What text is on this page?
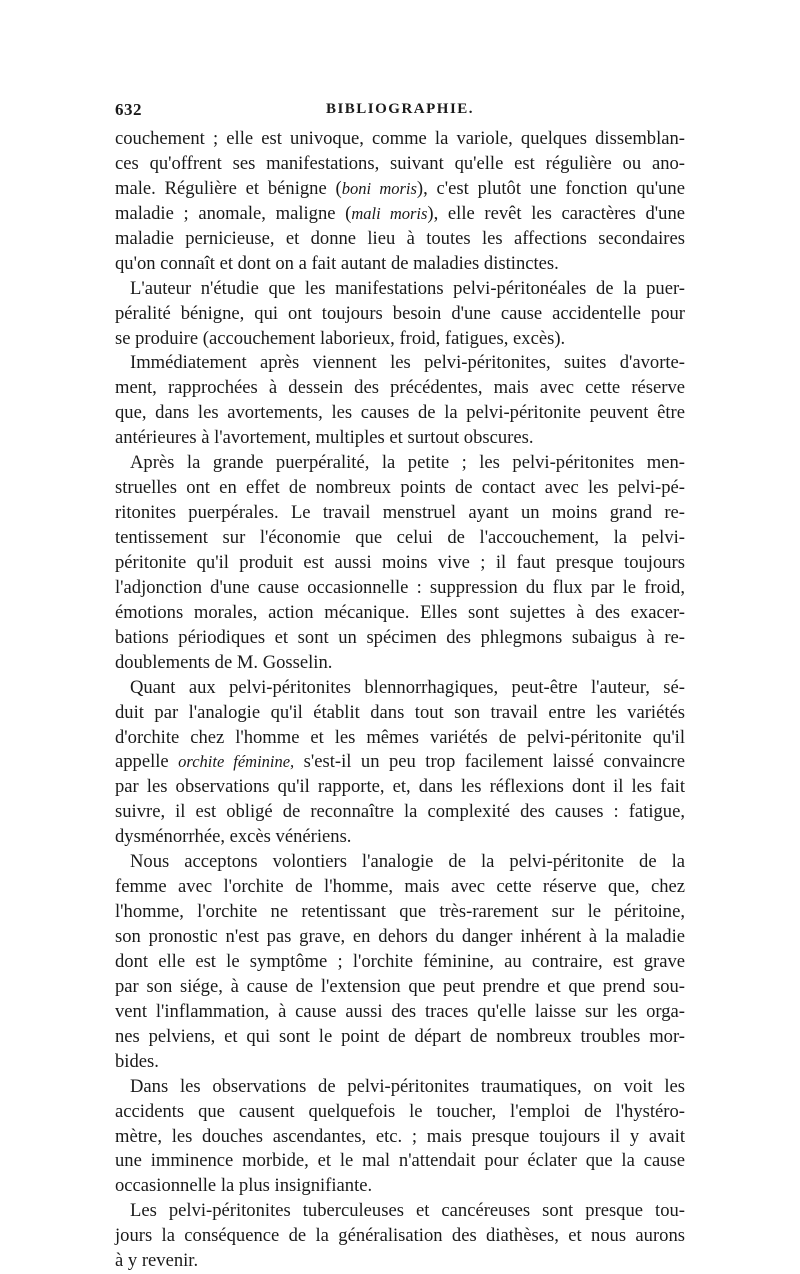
632	BIBLIOGRAPHIE.
couchement ; elle est univoque, comme la variole, quelques dissemblan-
ces qu'offrent ses manifestations, suivant qu'elle est régulière ou ano-
male. Régulière et bénigne (boni moris), c'est plutôt une fonction qu'une
maladie ; anomale, maligne (mali moris), elle revêt les caractères d'une
maladie pernicieuse, et donne lieu à toutes les affections secondaires
qu'on connaît et dont on a fait autant de maladies distinctes.
L'auteur n'étudie que les manifestations pelvi-péritonéales de la puer-
péralité bénigne, qui ont toujours besoin d'une cause accidentelle pour
se produire (accouchement laborieux, froid, fatigues, excès).
Immédiatement après viennent les pelvi-péritonites, suites d'avorte-
ment, rapprochées à dessein des précédentes, mais avec cette réserve
que, dans les avortements, les causes de la pelvi-péritonite peuvent être
antérieures à l'avortement, multiples et surtout obscures.
Après la grande puerpéralité, la petite ; les pelvi-péritonites men-
struelles ont en effet de nombreux points de contact avec les pelvi-pé-
ritonites puerpérales. Le travail menstruel ayant un moins grand re-
tentissement sur l'économie que celui de l'accouchement, la pelvi-
péritonite qu'il produit est aussi moins vive ; il faut presque toujours
l'adjonction d'une cause occasionnelle : suppression du flux par le froid,
émotions morales, action mécanique. Elles sont sujettes à des exacer-
bations périodiques et sont un spécimen des phlegmons subaigus à re-
doublements de M. Gosselin.
Quant aux pelvi-péritonites blennorrhagiques, peut-être l'auteur, sé-
duit par l'analogie qu'il établit dans tout son travail entre les variétés
d'orchite chez l'homme et les mêmes variétés de pelvi-péritonite qu'il
appelle orchite féminine, s'est-il un peu trop facilement laissé convaincre
par les observations qu'il rapporte, et, dans les réflexions dont il les fait
suivre, il est obligé de reconnaître la complexité des causes : fatigue,
dysménorrhée, excès vénériens.
Nous acceptons volontiers l'analogie de la pelvi-péritonite de la
femme avec l'orchite de l'homme, mais avec cette réserve que, chez
l'homme, l'orchite ne retentissant que très-rarement sur le péritoine,
son pronostic n'est pas grave, en dehors du danger inhérent à la maladie
dont elle est le symptôme ; l'orchite féminine, au contraire, est grave
par son siége, à cause de l'extension que peut prendre et que prend sou-
vent l'inflammation, à cause aussi des traces qu'elle laisse sur les orga-
nes pelviens, et qui sont le point de départ de nombreux troubles mor-
bides.
Dans les observations de pelvi-péritonites traumatiques, on voit les
accidents que causent quelquefois le toucher, l'emploi de l'hystéro-
mètre, les douches ascendantes, etc. ; mais presque toujours il y avait
une imminence morbide, et le mal n'attendait pour éclater que la cause
occasionnelle la plus insignifiante.
Les pelvi-péritonites tuberculeuses et cancéreuses sont presque tou-
jours la conséquence de la généralisation des diathèses, et nous aurons
à y revenir.
